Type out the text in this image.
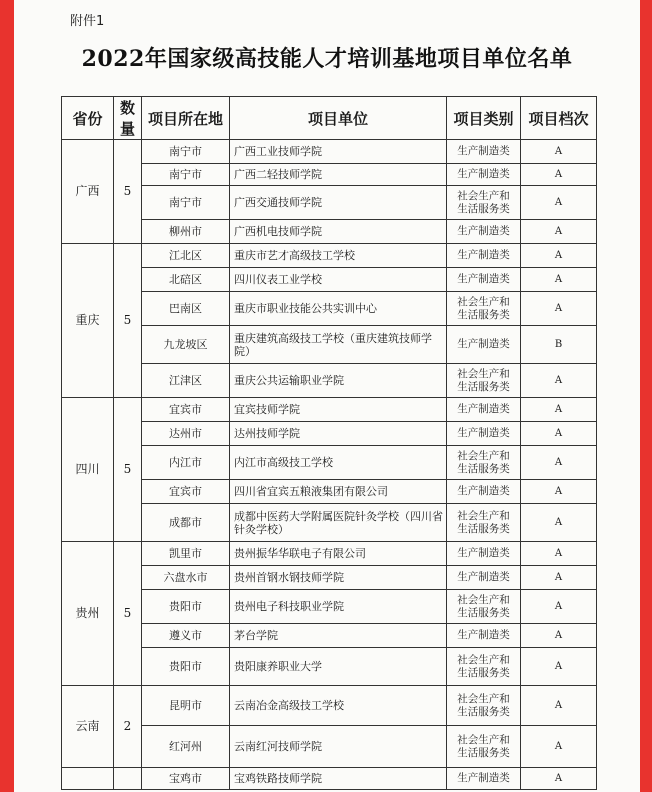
附件1
2022年国家级高技能人才培训基地项目单位名单
省份	数量	项目所在地	项目单位	项目类别	项目档次
广西	5	南宁市	广西工业技师学院	生产制造类	A
		南宁市	广西二轻技师学院	生产制造类	A
		南宁市	广西交通技师学院	社会生产和
生活服务类	A
		柳州市	广西机电技师学院	生产制造类	A
重庆	5	江北区	重庆市艺才高级技工学校	生产制造类	A
		北碚区	四川仪表工业学校	生产制造类	A
		巴南区	重庆市职业技能公共实训中心	社会生产和
生活服务类	A
		九龙坡区	重庆建筑高级技工学校（重庆建筑技师学院）	生产制造类	B
		江津区	重庆公共运输职业学院	社会生产和
生活服务类	A
四川	5	宜宾市	宜宾技师学院	生产制造类	A
		达州市	达州技师学院	生产制造类	A
		内江市	内江市高级技工学校	社会生产和
生活服务类	A
		宜宾市	四川省宜宾五粮液集团有限公司	生产制造类	A
		成都市	成都中医药大学附属医院针灸学校（四川省针灸学校）	社会生产和
生活服务类	A
贵州	5	凯里市	贵州振华华联电子有限公司	生产制造类	A
		六盘水市	贵州首钢水钢技师学院	生产制造类	A
		贵阳市	贵州电子科技职业学院	社会生产和
生活服务类	A
		遵义市	茅台学院	生产制造类	A
		贵阳市	贵阳康养职业大学	社会生产和
生活服务类	A
云南	2	昆明市	云南冶金高级技工学校	社会生产和
生活服务类	A
		红河州	云南红河技师学院	社会生产和
生活服务类	A
		宝鸡市	宝鸡铁路技师学院	生产制造类	A
